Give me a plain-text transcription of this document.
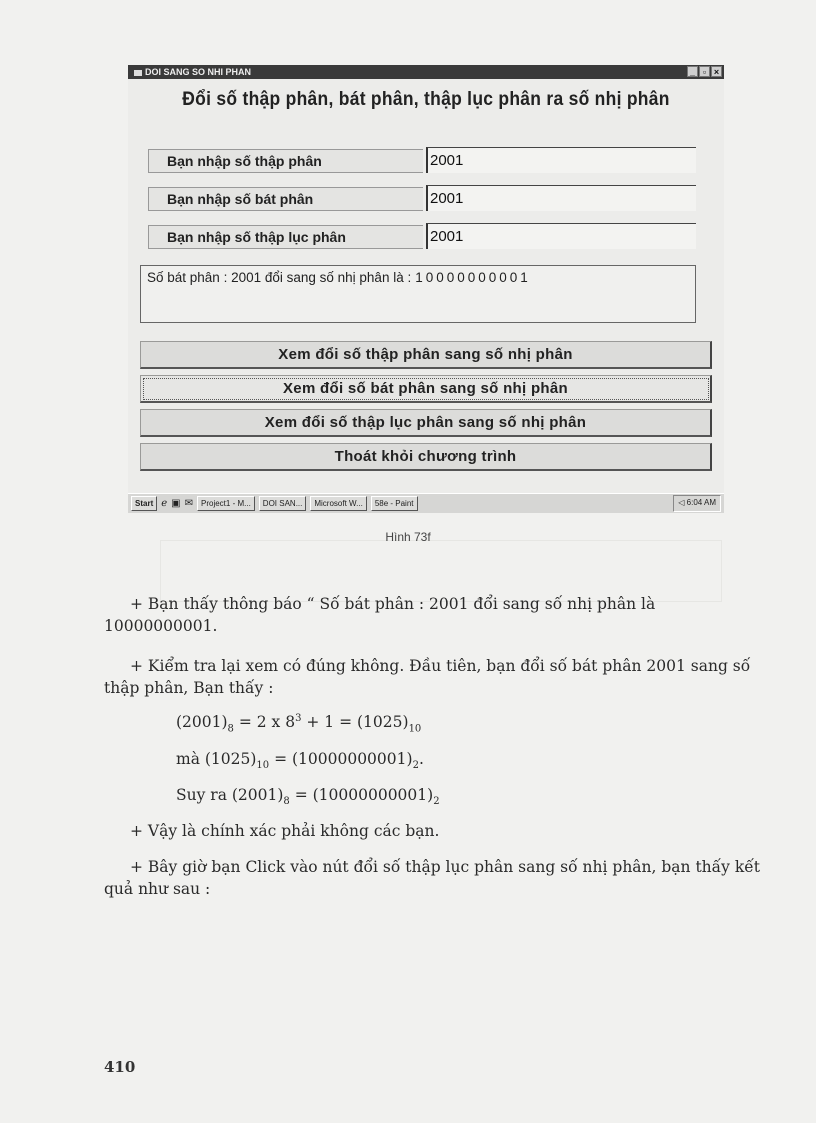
DOI SANG SO NHI PHAN	_ ▫ ×
Đổi số thập phân, bát phân, thập lục phân ra số nhị phân
Bạn nhập số thập phân	2001
Bạn nhập số bát phân	2001
Bạn nhập số thập lục phân	2001
Số bát phân : 2001 đổi sang số nhị phân là : 10000000001
Xem đổi số thập phân sang số nhị phân
Xem đổi số bát phân sang số nhị phân
Xem đổi số thập lục phân sang số nhị phân
Thoát khỏi chương trình
Start ℯ ▣ ✉	Project1 - M...	DOI SAN...	Microsoft W...	58e - Paint	◁ 6:04 AM
Hình 73f
+ Bạn thấy thông báo “ Số bát phân : 2001 đổi sang số nhị phân là 10000000001.
+ Kiểm tra lại xem có đúng không. Đầu tiên, bạn đổi số bát phân 2001 sang số thập phân, Bạn thấy :
$(2001)_8 = 2$ x $8^3 + 1 = (1025)_{10}$
mà $(1025)_{10} = (10000000001)_2$.
Suy ra $(2001)_8 = (10000000001)_2$
+ Vậy là chính xác phải không các bạn.
+ Bây giờ bạn Click vào nút đổi số thập lục phân sang số nhị phân, bạn thấy kết quả như sau :
410
